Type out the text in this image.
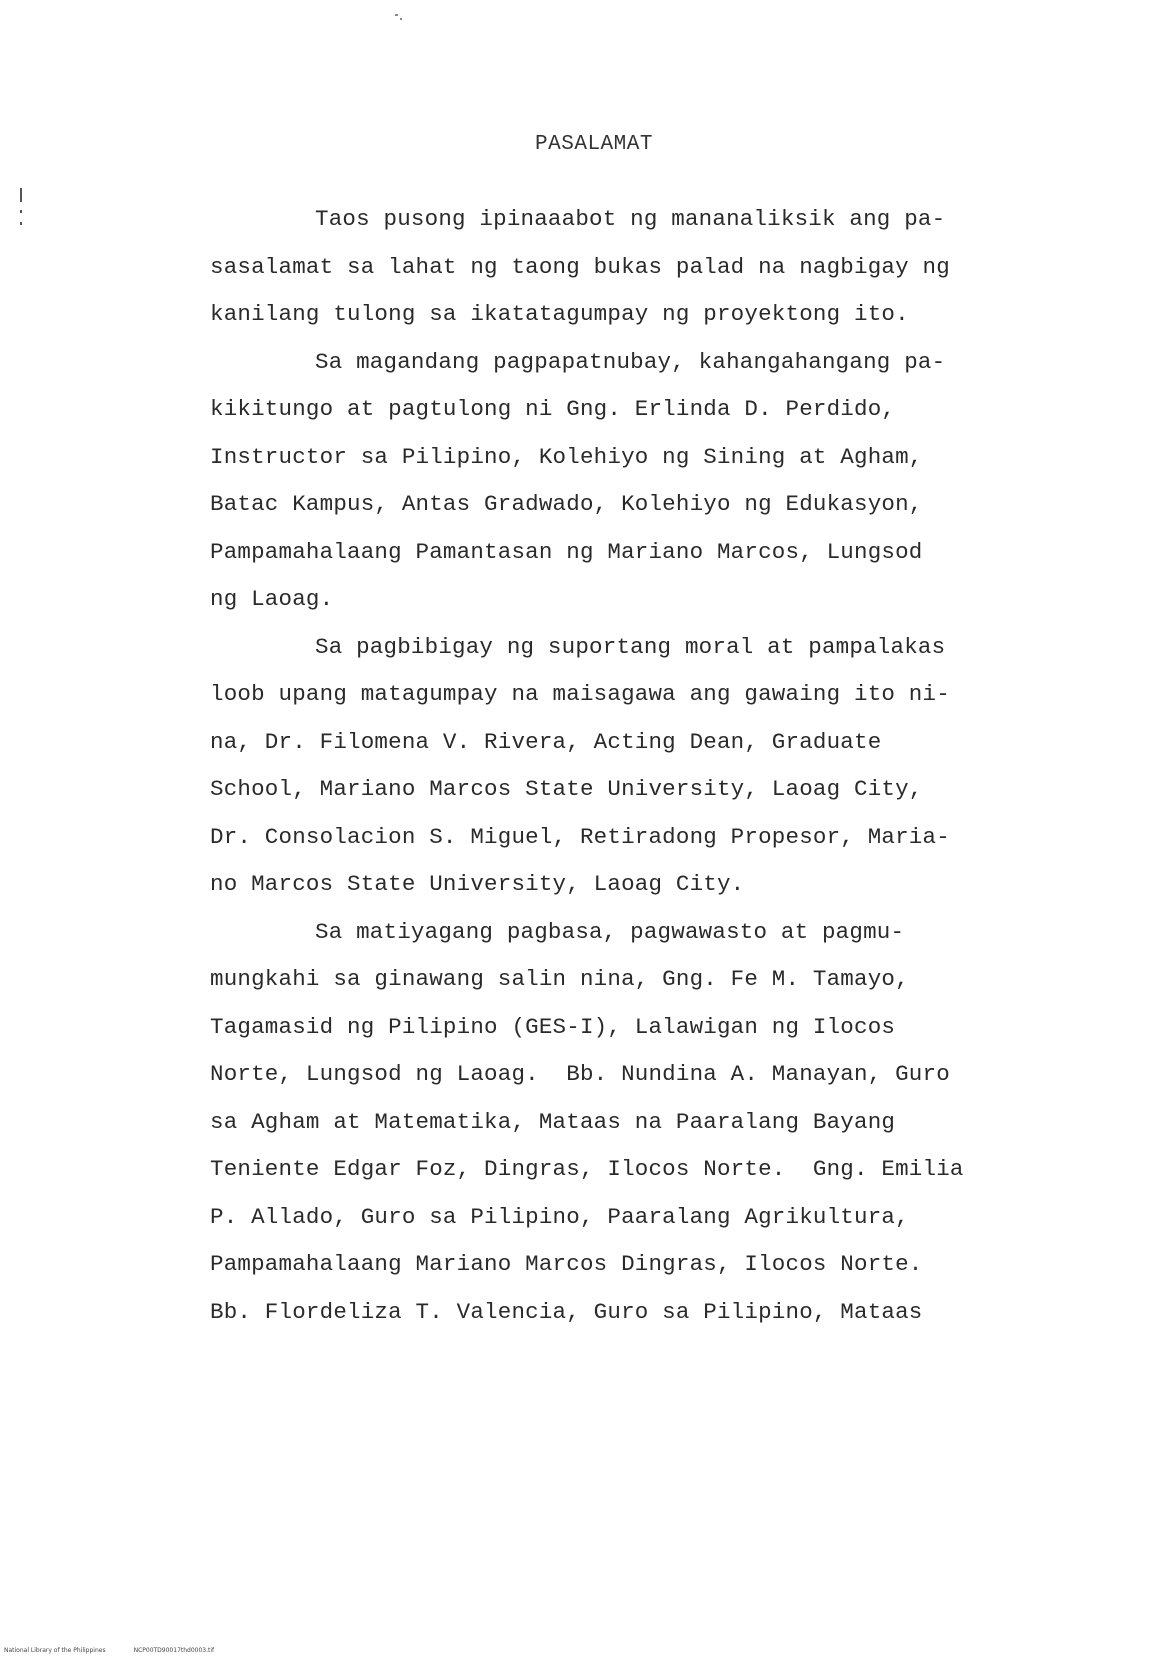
PASALAMAT
Taos pusong ipinaaabot ng mananaliksik ang pa-
sasalamat sa lahat ng taong bukas palad na nagbigay ng
kanilang tulong sa ikatatagumpay ng proyektong ito.
Sa magandang pagpapatnubay, kahangahangang pa-
kikitungo at pagtulong ni Gng. Erlinda D. Perdido,
Instructor sa Pilipino, Kolehiyo ng Sining at Agham,
Batac Kampus, Antas Gradwado, Kolehiyo ng Edukasyon,
Pampamahalaang Pamantasan ng Mariano Marcos, Lungsod
ng Laoag.
Sa pagbibigay ng suportang moral at pampalakas
loob upang matagumpay na maisagawa ang gawaing ito ni-
na, Dr. Filomena V. Rivera, Acting Dean, Graduate
School, Mariano Marcos State University, Laoag City,
Dr. Consolacion S. Miguel, Retiradong Propesor, Maria-
no Marcos State University, Laoag City.
Sa matiyagang pagbasa, pagwawasto at pagmu-
mungkahi sa ginawang salin nina, Gng. Fe M. Tamayo,
Tagamasid ng Pilipino (GES-I), Lalawigan ng Ilocos
Norte, Lungsod ng Laoag.  Bb. Nundina A. Manayan, Guro
sa Agham at Matematika, Mataas na Paaralang Bayang
Teniente Edgar Foz, Dingras, Ilocos Norte.  Gng. Emilia
P. Allado, Guro sa Pilipino, Paaralang Agrikultura,
Pampamahalaang Mariano Marcos Dingras, Ilocos Norte.
Bb. Flordeliza T. Valencia, Guro sa Pilipino, Mataas
National Library of the Philippines	NCP00TD90017thd0003.tif
